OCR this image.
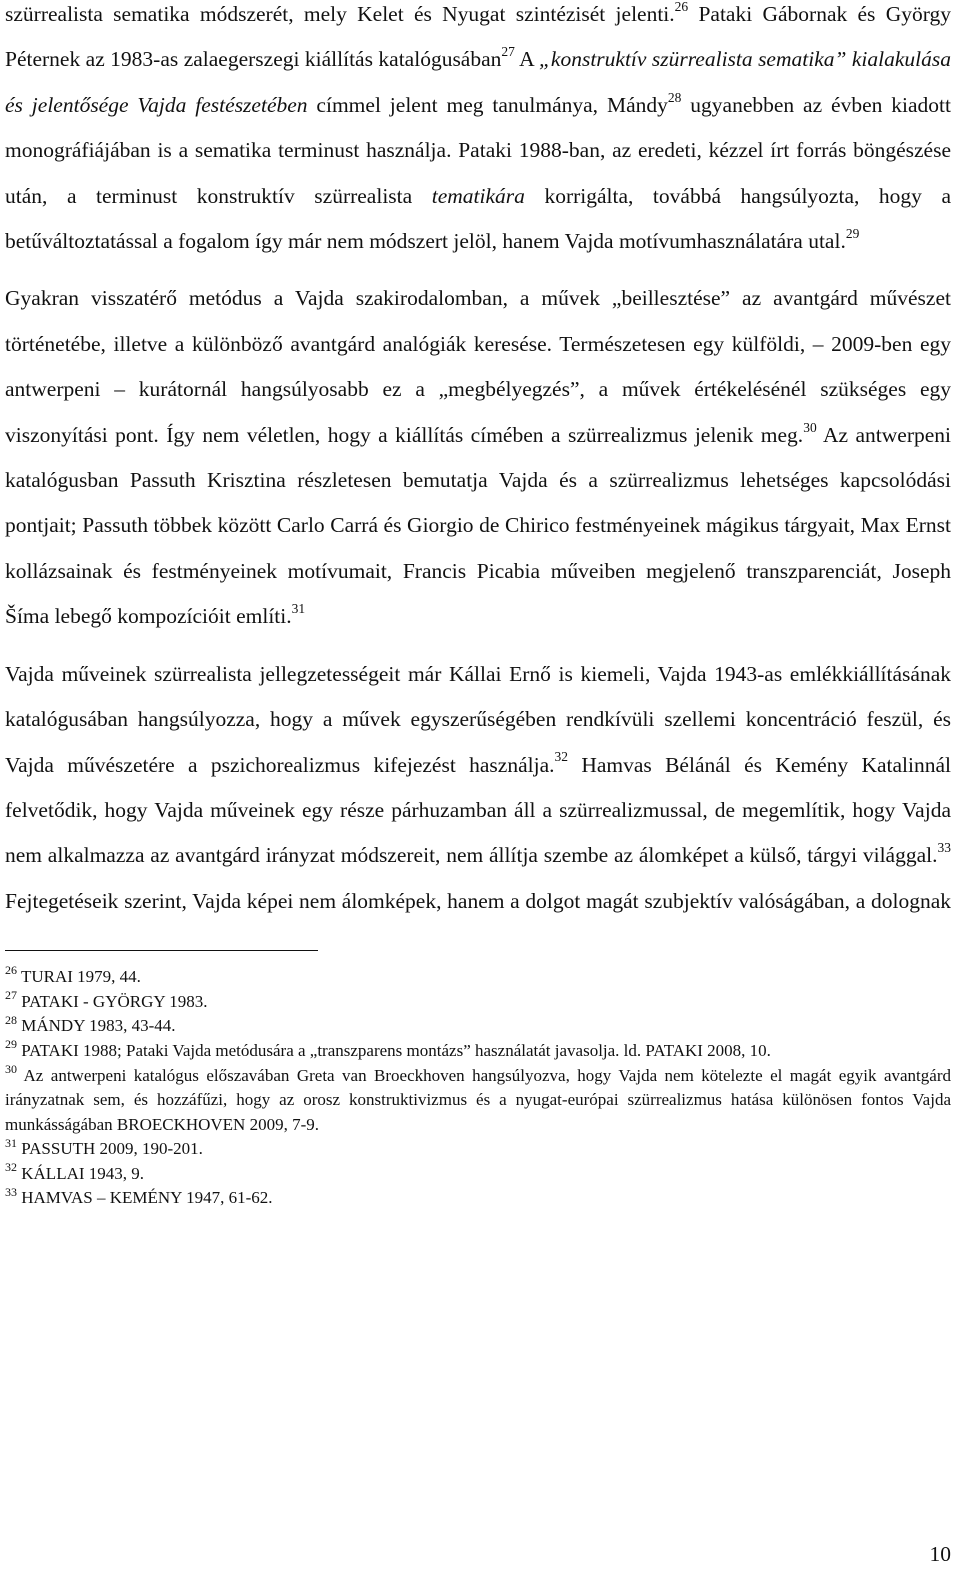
szürrealista sematika módszerét, mely Kelet és Nyugat szintézisét jelenti.$^{26}$ Pataki Gábornak és György Péternek az 1983-as zalaegerszegi kiállítás katalógusában$^{27}$ A „konstruktív szürrealista sematika” kialakulása és jelentősége Vajda festészetében címmel jelent meg tanulmánya, Mándy$^{28}$ ugyanebben az évben kiadott monográfiájában is a sematika terminust használja. Pataki 1988-ban, az eredeti, kézzel írt forrás böngészése után, a terminust konstruktív szürrealista tematikára korrigálta, továbbá hangsúlyozta, hogy a betűváltoztatással a fogalom így már nem módszert jelöl, hanem Vajda motívumhasználatára utal.$^{29}$

Gyakran visszatérő metódus a Vajda szakirodalomban, a művek „beillesztése” az avantgárd művészet történetébe, illetve a különböző avantgárd analógiák keresése. Természetesen egy külföldi, – 2009-ben egy antwerpeni – kurátornál hangsúlyosabb ez a „megbélyegzés”, a művek értékelésénél szükséges egy viszonyítási pont. Így nem véletlen, hogy a kiállítás címében a szürrealizmus jelenik meg.$^{30}$ Az antwerpeni katalógusban Passuth Krisztina részletesen bemutatja Vajda és a szürrealizmus lehetséges kapcsolódási pontjait; Passuth többek között Carlo Carrá és Giorgio de Chirico festményeinek mágikus tárgyait, Max Ernst kollázsainak és festményeinek motívumait, Francis Picabia műveiben megjelenő transzparenciát, Joseph Šíma lebegő kompozícióit említi.$^{31}$

Vajda műveinek szürrealista jellegzetességeit már Kállai Ernő is kiemeli, Vajda 1943-as emlékkiállításának katalógusában hangsúlyozza, hogy a művek egyszerűségében rendkívüli szellemi koncentráció feszül, és Vajda művészetére a pszichorealizmus kifejezést használja.$^{32}$ Hamvas Bélánál és Kemény Katalinnál felvetődik, hogy Vajda műveinek egy része párhuzamban áll a szürrealizmussal, de megemlítik, hogy Vajda nem alkalmazza az avantgárd irányzat módszereit, nem állítja szembe az álomképet a külső, tárgyi világgal.$^{33}$ Fejtegetéseik szerint, Vajda képei nem álomképek, hanem a dolgot magát szubjektív valóságában, a dolognak

$^{26}$ TURAI 1979, 44.

$^{27}$ PATAKI - GYÖRGY 1983.

$^{28}$ MÁNDY 1983, 43-44.

$^{29}$ PATAKI 1988; Pataki Vajda metódusára a „transzparens montázs” használatát javasolja. ld. PATAKI 2008, 10.

$^{30}$ Az antwerpeni katalógus előszavában Greta van Broeckhoven hangsúlyozva, hogy Vajda nem kötelezte el magát egyik avantgárd irányzatnak sem, és hozzáfűzi, hogy az orosz konstruktivizmus és a nyugat-európai szürrealizmus hatása különösen fontos Vajda munkásságában BROECKHOVEN 2009, 7-9.

$^{31}$ PASSUTH 2009, 190-201.

$^{32}$ KÁLLAI 1943, 9.

$^{33}$ HAMVAS – KEMÉNY 1947, 61-62.

10
